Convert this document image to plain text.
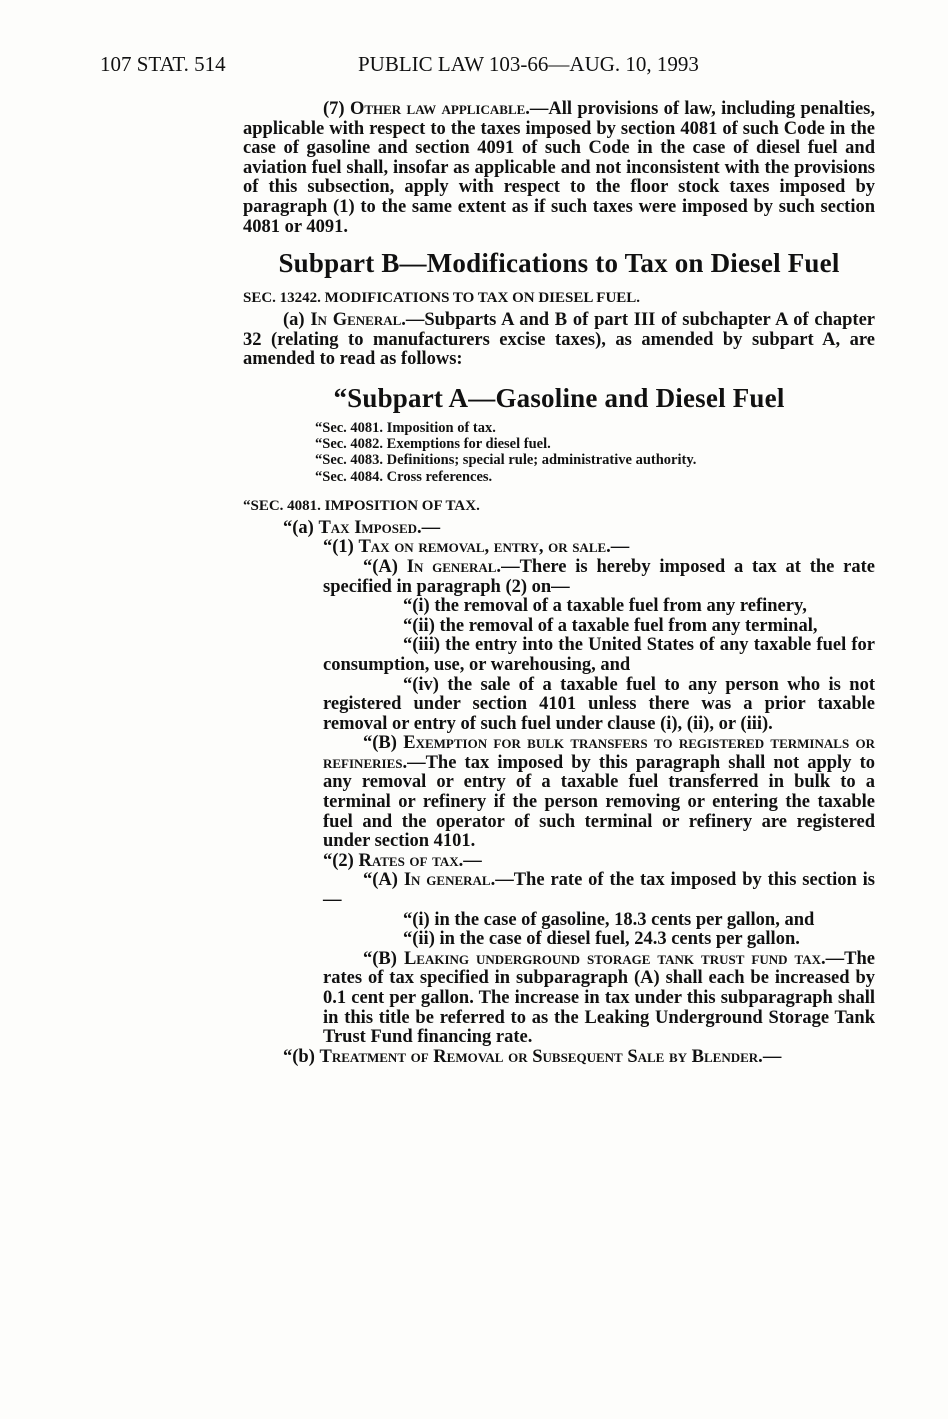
107 STAT. 514	PUBLIC LAW 103-66—AUG. 10, 1993

(7) Other law applicable.—All provisions of law, including penalties, applicable with respect to the taxes imposed by section 4081 of such Code in the case of gasoline and section 4091 of such Code in the case of diesel fuel and aviation fuel shall, insofar as applicable and not inconsistent with the provisions of this subsection, apply with respect to the floor stock taxes imposed by paragraph (1) to the same extent as if such taxes were imposed by such section 4081 or 4091.

Subpart B—Modifications to Tax on Diesel Fuel
SEC. 13242. MODIFICATIONS TO TAX ON DIESEL FUEL.

(a) In General.—Subparts A and B of part III of subchapter A of chapter 32 (relating to manufacturers excise taxes), as amended by subpart A, are amended to read as follows:

“Subpart A—Gasoline and Diesel Fuel
“Sec. 4081. Imposition of tax.
“Sec. 4082. Exemptions for diesel fuel.
“Sec. 4083. Definitions; special rule; administrative authority.
“Sec. 4084. Cross references.
“SEC. 4081. IMPOSITION OF TAX.

“(a) Tax Imposed.—

“(1) Tax on removal, entry, or sale.—

“(A) In general.—There is hereby imposed a tax at the rate specified in paragraph (2) on—

“(i) the removal of a taxable fuel from any refinery,

“(ii) the removal of a taxable fuel from any terminal,

“(iii) the entry into the United States of any taxable fuel for consumption, use, or warehousing, and

“(iv) the sale of a taxable fuel to any person who is not registered under section 4101 unless there was a prior taxable removal or entry of such fuel under clause (i), (ii), or (iii).

“(B) Exemption for bulk transfers to registered terminals or refineries.—The tax imposed by this paragraph shall not apply to any removal or entry of a taxable fuel transferred in bulk to a terminal or refinery if the person removing or entering the taxable fuel and the operator of such terminal or refinery are registered under section 4101.

“(2) Rates of tax.—

“(A) In general.—The rate of the tax imposed by this section is—

“(i) in the case of gasoline, 18.3 cents per gallon, and

“(ii) in the case of diesel fuel, 24.3 cents per gallon.

“(B) Leaking underground storage tank trust fund tax.—The rates of tax specified in subparagraph (A) shall each be increased by 0.1 cent per gallon. The increase in tax under this subparagraph shall in this title be referred to as the Leaking Underground Storage Tank Trust Fund financing rate.

“(b) Treatment of Removal or Subsequent Sale by Blender.—
